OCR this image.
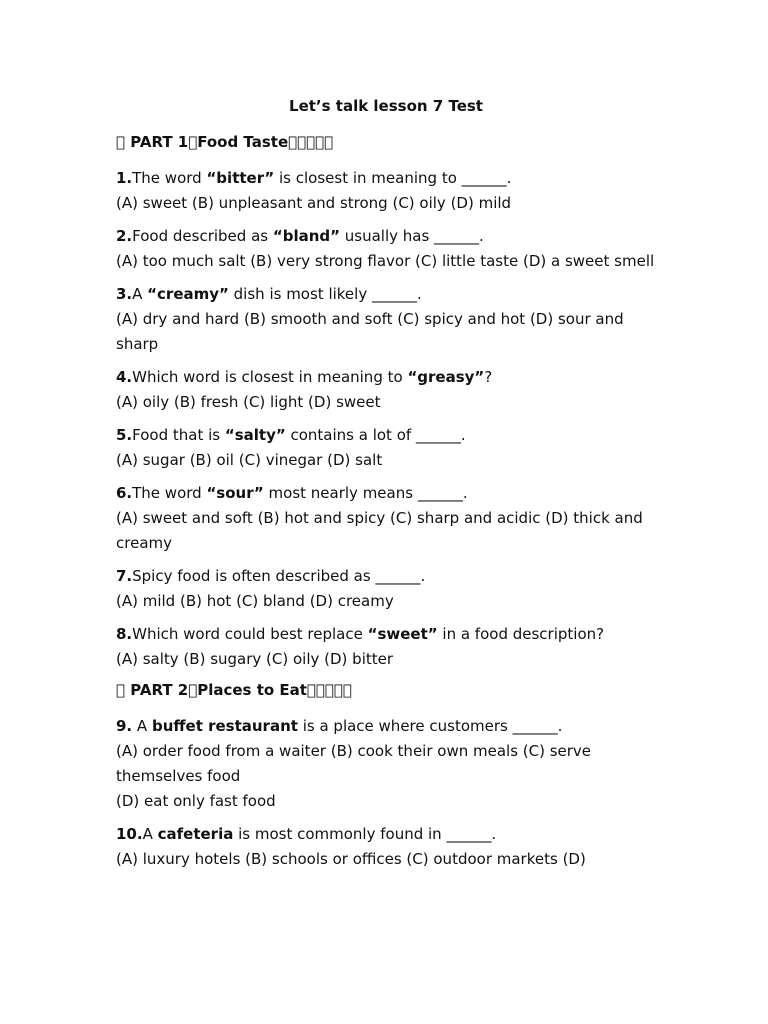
Let’s talk lesson 7 Test
􀀀 PART 1􀀀Food Taste􀀀􀀀􀀀􀀀􀀀
1.The word “bitter” is closest in meaning to ______.
(A) sweet (B) unpleasant and strong (C) oily (D) mild
2.Food described as “bland” usually has ______.
(A) too much salt (B) very strong flavor (C) little taste (D) a sweet smell
3.A “creamy” dish is most likely ______.
(A) dry and hard (B) smooth and soft (C) spicy and hot (D) sour and sharp
4.Which word is closest in meaning to “greasy”?
(A) oily (B) fresh (C) light (D) sweet
5.Food that is “salty” contains a lot of ______.
(A) sugar (B) oil (C) vinegar (D) salt
6.The word “sour” most nearly means ______.
(A) sweet and soft (B) hot and spicy (C) sharp and acidic (D) thick and creamy
7.Spicy food is often described as ______.
(A) mild (B) hot (C) bland (D) creamy
8.Which word could best replace “sweet” in a food description?
(A) salty (B) sugary (C) oily (D) bitter
􀀀 PART 2􀀀Places to Eat􀀀􀀀􀀀􀀀􀀀
9. A buffet restaurant is a place where customers ______.
(A) order food from a waiter (B) cook their own meals (C) serve themselves food
(D) eat only fast food
10.A cafeteria is most commonly found in ______.
(A) luxury hotels (B) schools or offices (C) outdoor markets (D)
